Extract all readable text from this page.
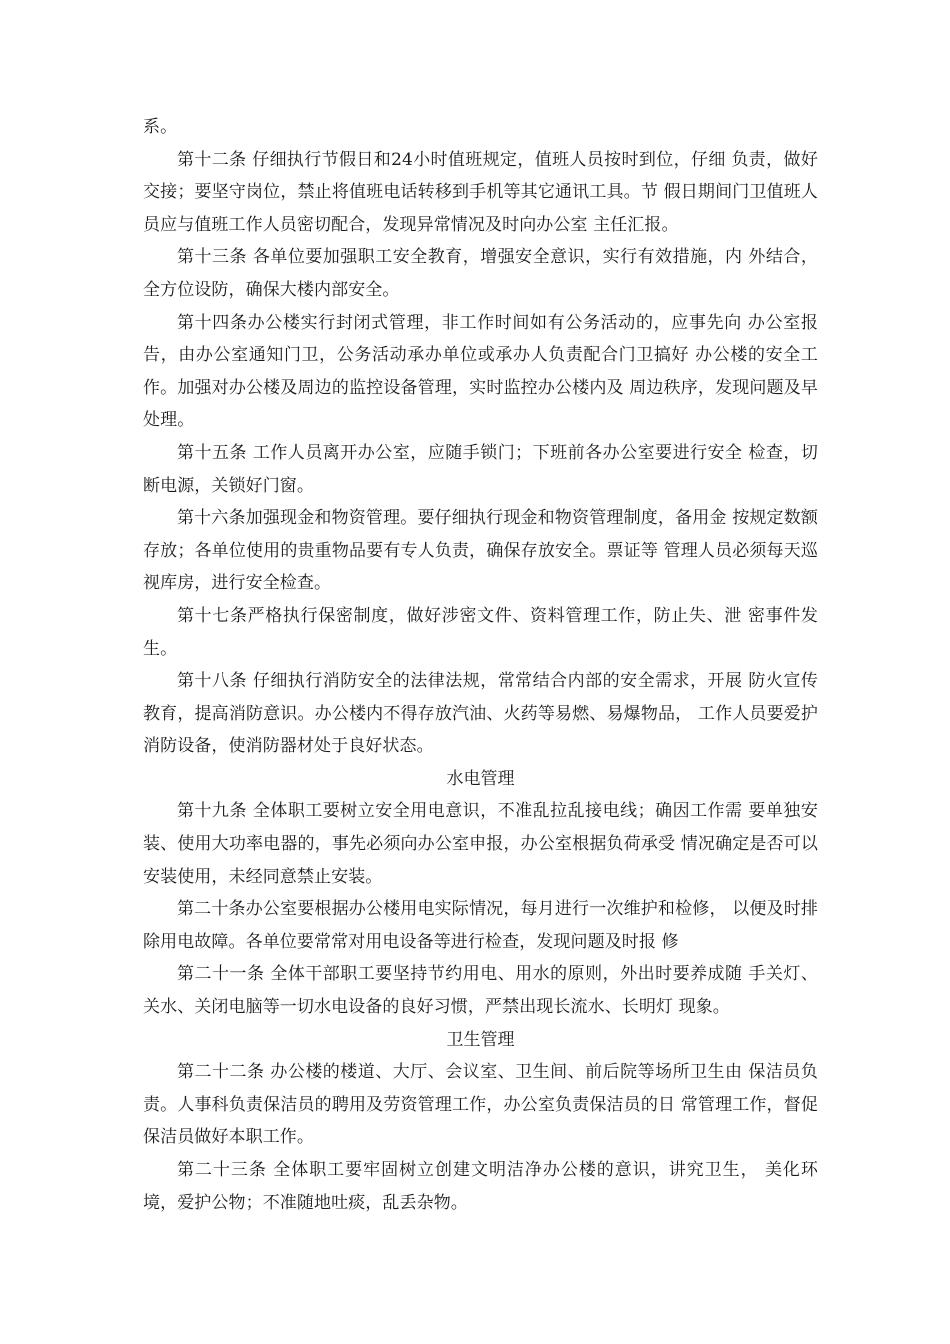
系。

第十二条 仔细执行节假日和24小时值班规定，值班人员按时到位，仔细 负责，做好交接；要坚守岗位，禁止将值班电话转移到手机等其它通讯工具。节 假日期间门卫值班人员应与值班工作人员密切配合，发现异常情况及时向办公室 主任汇报。

第十三条 各单位要加强职工安全教育，增强安全意识，实行有效措施，内 外结合，全方位设防，确保大楼内部安全。

第十四条办公楼实行封闭式管理，非工作时间如有公务活动的，应事先向 办公室报告，由办公室通知门卫，公务活动承办单位或承办人负责配合门卫搞好 办公楼的安全工作。加强对办公楼及周边的监控设备管理，实时监控办公楼内及 周边秩序，发现问题及早处理。

第十五条 工作人员离开办公室，应随手锁门；下班前各办公室要进行安全 检查，切断电源，关锁好门窗。

第十六条加强现金和物资管理。要仔细执行现金和物资管理制度，备用金 按规定数额存放；各单位使用的贵重物品要有专人负责，确保存放安全。票证等 管理人员必须每天巡视库房，进行安全检查。

第十七条严格执行保密制度，做好涉密文件、资料管理工作，防止失、泄 密事件发生。

第十八条 仔细执行消防安全的法律法规，常常结合内部的安全需求，开展 防火宣传教育，提高消防意识。办公楼内不得存放汽油、火药等易燃、易爆物品， 工作人员要爱护消防设备，使消防器材处于良好状态。

水电管理

第十九条 全体职工要树立安全用电意识，不准乱拉乱接电线；确因工作需 要单独安装、使用大功率电器的，事先必须向办公室申报，办公室根据负荷承受 情况确定是否可以安装使用，未经同意禁止安装。

第二十条办公室要根据办公楼用电实际情况，每月进行一次维护和检修， 以便及时排除用电故障。各单位要常常对用电设备等进行检查，发现问题及时报 修

第二十一条 全体干部职工要坚持节约用电、用水的原则，外出时要养成随 手关灯、关水、关闭电脑等一切水电设备的良好习惯，严禁出现长流水、长明灯 现象。

卫生管理

第二十二条 办公楼的楼道、大厅、会议室、卫生间、前后院等场所卫生由 保洁员负责。人事科负责保洁员的聘用及劳资管理工作，办公室负责保洁员的日 常管理工作，督促保洁员做好本职工作。

第二十三条 全体职工要牢固树立创建文明洁净办公楼的意识，讲究卫生， 美化环境，爱护公物；不准随地吐痰，乱丢杂物。
